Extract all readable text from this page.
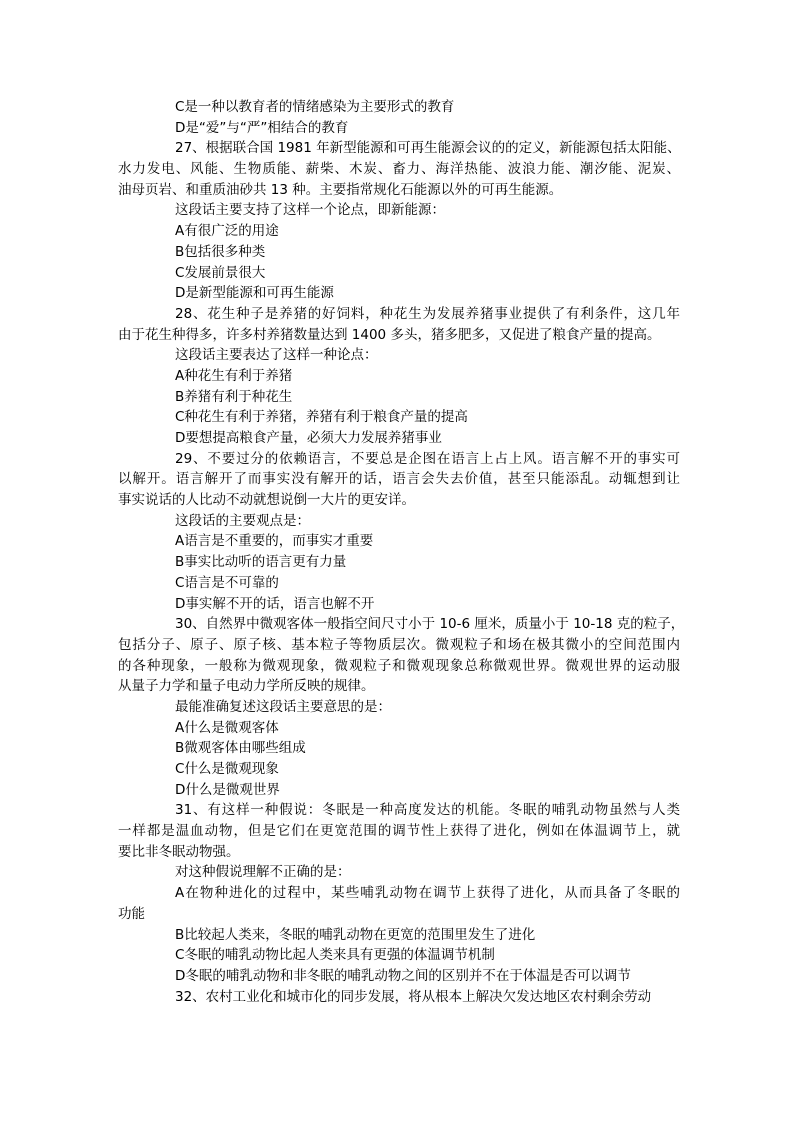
C是一种以教育者的情绪感染为主要形式的教育
D是“爱”与“严”相结合的教育
27、根据联合国 1981 年新型能源和可再生能源会议的的定义，新能源包括太阳能、
水力发电、风能、生物质能、薪柴、木炭、畜力、海洋热能、波浪力能、潮汐能、泥炭、
油母页岩、和重质油砂共 13 种。主要指常规化石能源以外的可再生能源。
这段话主要支持了这样一个论点，即新能源：
A有很广泛的用途
B包括很多种类
C发展前景很大
D是新型能源和可再生能源
28、花生种子是养猪的好饲料，种花生为发展养猪事业提供了有利条件，这几年
由于花生种得多，许多村养猪数量达到 1400 多头，猪多肥多，又促进了粮食产量的提高。
这段话主要表达了这样一种论点：
A种花生有利于养猪
B养猪有利于种花生
C种花生有利于养猪，养猪有利于粮食产量的提高
D要想提高粮食产量，必须大力发展养猪事业
29、不要过分的依赖语言，不要总是企图在语言上占上风。语言解不开的事实可
以解开。语言解开了而事实没有解开的话，语言会失去价值，甚至只能添乱。动辄想到让
事实说话的人比动不动就想说倒一大片的更安详。
这段话的主要观点是：
A语言是不重要的，而事实才重要
B事实比动听的语言更有力量
C语言是不可靠的
D事实解不开的话，语言也解不开
30、自然界中微观客体一般指空间尺寸小于 10-6 厘米，质量小于 10-18 克的粒子，
包括分子、原子、原子核、基本粒子等物质层次。微观粒子和场在极其微小的空间范围内
的各种现象，一般称为微观现象，微观粒子和微观现象总称微观世界。微观世界的运动服
从量子力学和量子电动力学所反映的规律。
最能准确复述这段话主要意思的是：
A什么是微观客体
B微观客体由哪些组成
C什么是微观现象
D什么是微观世界
31、有这样一种假说：冬眠是一种高度发达的机能。冬眠的哺乳动物虽然与人类
一样都是温血动物，但是它们在更宽范围的调节性上获得了进化，例如在体温调节上，就
要比非冬眠动物强。
对这种假说理解不正确的是：
A在物种进化的过程中，某些哺乳动物在调节上获得了进化，从而具备了冬眠的
功能
B比较起人类来，冬眠的哺乳动物在更宽的范围里发生了进化
C冬眠的哺乳动物比起人类来具有更强的体温调节机制
D冬眠的哺乳动物和非冬眠的哺乳动物之间的区别并不在于体温是否可以调节
32、农村工业化和城市化的同步发展，将从根本上解决欠发达地区农村剩余劳动
